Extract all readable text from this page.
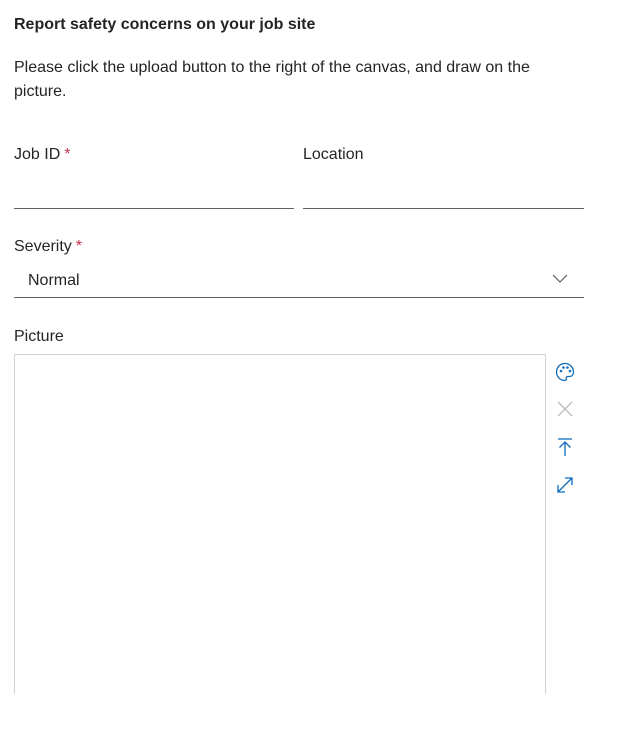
Report safety concerns on your job site
Please click the upload button to the right of the canvas, and draw on the picture.
Job ID *	Location
Severity *
Normal
Picture
